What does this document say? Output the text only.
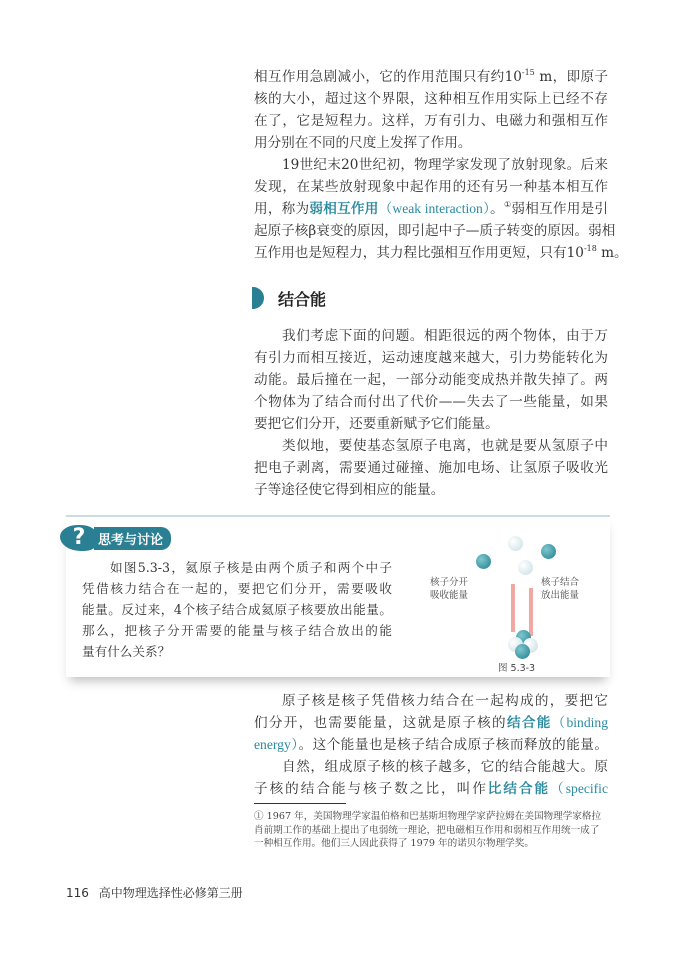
相互作用急剧减小，它的作用范围只有约$10^{-15}$ m，即原子
核的大小，超过这个界限，这种相互作用实际上已经不存
在了，它是短程力。这样，万有引力、电磁力和强相互作
用分别在不同的尺度上发挥了作用。
19世纪末20世纪初，物理学家发现了放射现象。后来
发现，在某些放射现象中起作用的还有另一种基本相互作
用，称为弱相互作用（weak interaction）。①弱相互作用是引
起原子核β衰变的原因，即引起中子—质子转变的原因。弱相
互作用也是短程力，其力程比强相互作用更短，只有$10^{-18}$ m。
结合能
我们考虑下面的问题。相距很远的两个物体，由于万
有引力而相互接近，运动速度越来越大，引力势能转化为
动能。最后撞在一起，一部分动能变成热并散失掉了。两
个物体为了结合而付出了代价——失去了一些能量，如果
要把它们分开，还要重新赋予它们能量。
类似地，要使基态氢原子电离，也就是要从氢原子中
把电子剥离，需要通过碰撞、施加电场、让氢原子吸收光
子等途径使它得到相应的能量。
? 思考与讨论
如图5.3-3，氦原子核是由两个质子和两个中子
凭借核力结合在一起的，要把它们分开，需要吸收
能量。反过来，4个核子结合成氦原子核要放出能量。
那么，把核子分开需要的能量与核子结合放出的能
量有什么关系？
核子分开
吸收能量
核子结合
放出能量
图 5.3-3
原子核是核子凭借核力结合在一起构成的，要把它
们分开，也需要能量，这就是原子核的结合能（binding
energy）。这个能量也是核子结合成原子核而释放的能量。
自然，组成原子核的核子越多，它的结合能越大。原
子核的结合能与核子数之比，叫作比结合能（specific
① 1967 年，美国物理学家温伯格和巴基斯坦物理学家萨拉姆在美国物理学家格拉肖前期工作的基础上提出了电弱统一理论，把电磁相互作用和弱相互作用统一成了一种相互作用。他们三人因此获得了 1979 年的诺贝尔物理学奖。
116 高中物理选择性必修第三册
